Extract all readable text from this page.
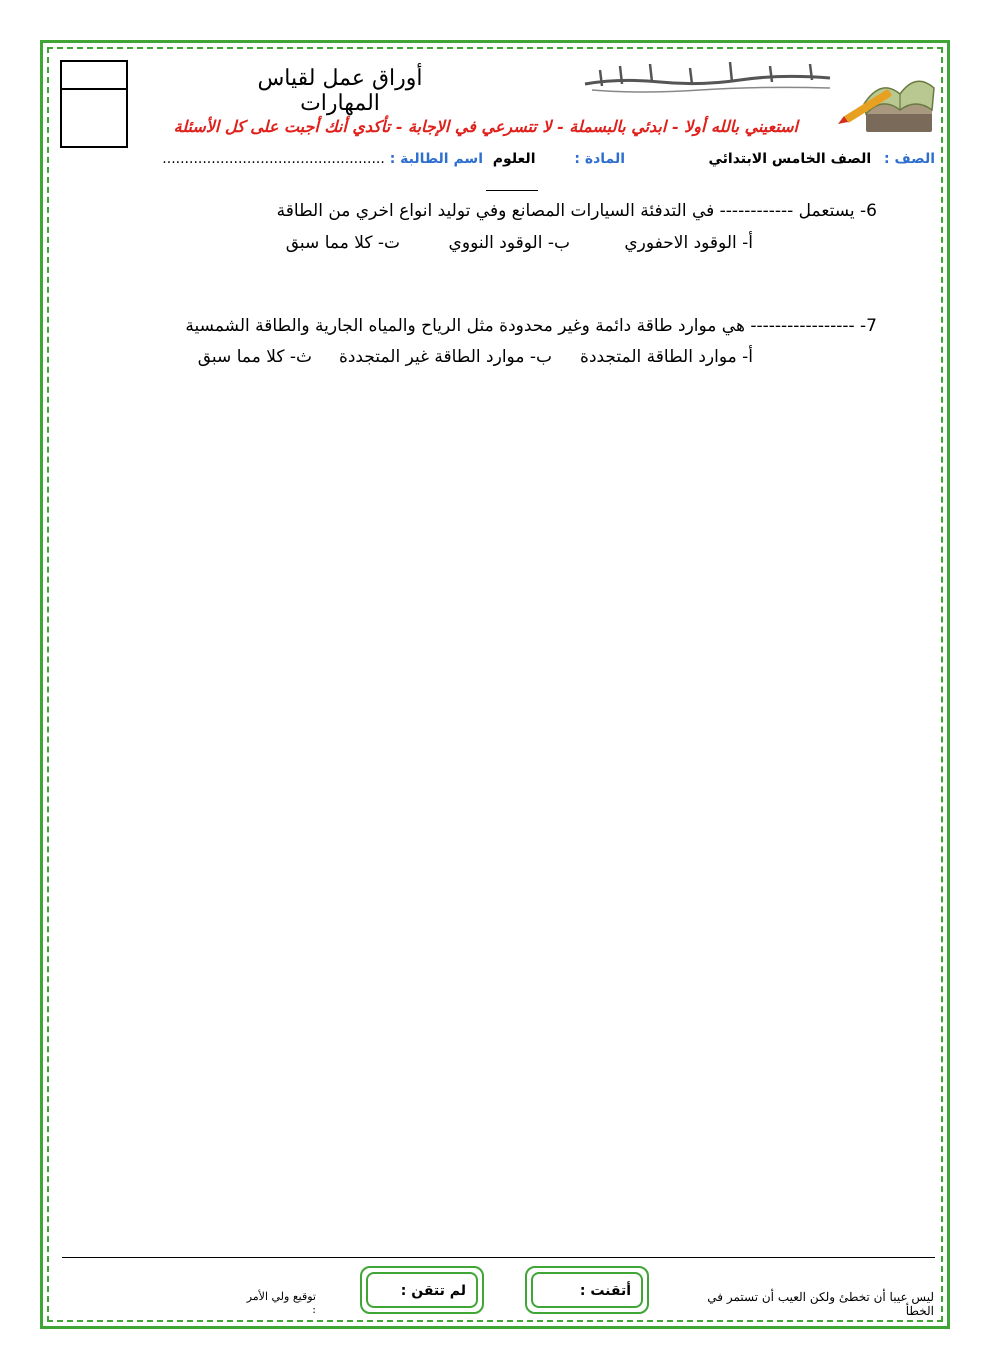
أوراق عمل لقياس المهارات
استعيني بالله أولا - ابدئي بالبسملة - لا تتسرعي في الإجابة - تأكدي أنك أجبت على كل الأسئلة
الصف : الصف الخامس الابتدائي
المادة : العلوم
اسم الطالبة : ..................................................
6- يستعمل ------------ في التدفئة السيارات المصانع وفي توليد انواع اخري من الطاقة
أ- الوقود الاحفوري
ب- الوقود النووي
ت- كلا مما سبق
7- ----------------- هي موارد طاقة دائمة وغير محدودة مثل الرياح والمياه الجارية والطاقة الشمسية
أ- موارد الطاقة المتجددة
ب- موارد الطاقة غير المتجددة
ث- كلا مما سبق
ليس عيبا أن تخطئ ولكن العيب أن تستمر في الخطأ
أتقنت :
لم تتقن :
توقيع ولي الأمر :
